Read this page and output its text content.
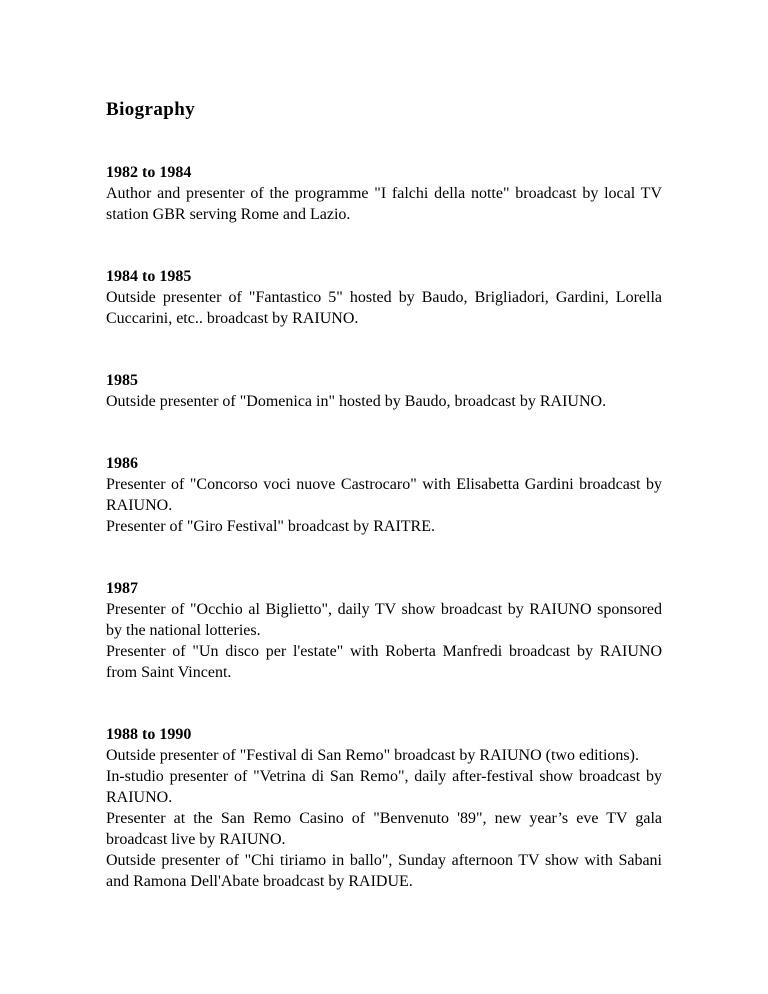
Biography

1982 to 1984

Author and presenter of the programme "I falchi della notte" broadcast by local TV station GBR serving Rome and Lazio.

1984 to 1985

Outside presenter of "Fantastico 5" hosted by Baudo, Brigliadori, Gardini, Lorella Cuccarini, etc.. broadcast by RAIUNO.

1985

Outside presenter of "Domenica in" hosted by Baudo, broadcast by RAIUNO.

1986

Presenter of "Concorso voci nuove Castrocaro" with Elisabetta Gardini broadcast by RAIUNO.

Presenter of "Giro Festival" broadcast by RAITRE.

1987

Presenter of "Occhio al Biglietto", daily TV show broadcast by RAIUNO sponsored by the national lotteries.

Presenter of "Un disco per l'estate" with Roberta Manfredi broadcast by RAIUNO from Saint Vincent.

1988 to 1990

Outside presenter of "Festival di San Remo" broadcast by RAIUNO (two editions).

In-studio presenter of "Vetrina di San Remo", daily after-festival show broadcast by RAIUNO.

Presenter at the San Remo Casino of "Benvenuto '89", new year’s eve TV gala broadcast live by RAIUNO.

Outside presenter of "Chi tiriamo in ballo", Sunday afternoon TV show with Sabani and Ramona Dell'Abate broadcast by RAIDUE.
